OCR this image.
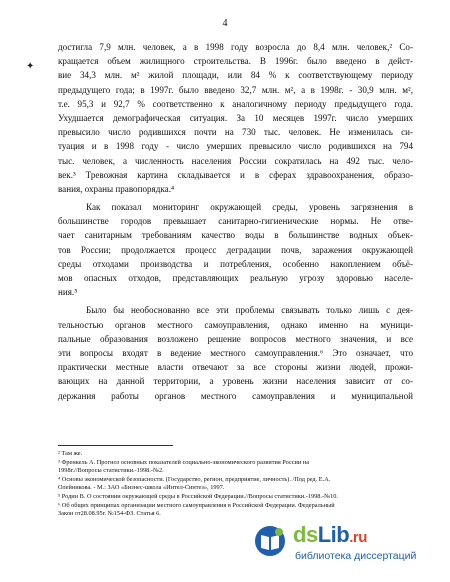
4
✦
достигла 7,9 млн. человек, а в 1998 году возросла до 8,4 млн. человек,² Со-
кращается объем жилищного строительства. В 1996г. было введено в дейст-
вие 34,3 млн. м² жилой площади, или 84 % к соответствующему периоду
предыдущего года; в 1997г. было введено 32,7 млн. м², а в 1998г. - 30,9 млн. м²,
т.е. 95,3 и 92,7 % соответственно к аналогичному периоду предыдущего года.
Ухудшается демографическая ситуация. За 10 месяцев 1997г. число умерших
превысило число родившихся почти на 730 тыс. человек. Не изменилась си-
туация и в 1998 году - число умерших превысило число родившихся на 794
тыс. человек, а численность населения России сократилась на 492 тыс. чело-
век.³ Тревожная картина складывается и в сферах здравоохранения, образо-
вания, охраны правопорядка.⁴
Как показал мониторинг окружающей среды, уровень загрязнения в
большинстве городов превышает санитарно-гигиенические нормы. Не отве-
чает санитарным требованиям качество воды в большинстве водных объек-
тов России; продолжается процесс деградации почв, заражения окружающей
среды отходами производства и потребления, особенно накоплением объё-
мов опасных отходов, представляющих реальную угрозу здоровью населе-
ния.⁵
Было бы необоснованно все эти проблемы связывать только лишь с дея-
тельностью органов местного самоуправления, однако именно на муници-
пальные образования возложено решение вопросов местного значения, и все
эти вопросы входят в ведение местного самоуправления.⁶ Это означает, что
практически местные власти отвечают за все стороны жизни людей, прожи-
вающих на данной территории, а уровень жизни населения зависит от со-
держания работы органов местного самоуправления и муниципальной
² Там же.
³ Френкель А. Прогноз основных показателей социально-экономического развития России на
1998г.//Вопросы статистики.-1998.-№2.
⁴ Основы экономической безопасности. (Государство, регион, предприятие, личность). /Под ред. Е.А.
Олейникова. - М.: ЗАО «Бизнес-школа «Интел-Синтез», 1997.
⁵ Родин В. О состоянии окружающей среды в Российской Федерации.//Вопросы статистики.-1998.-№10.
⁶ Об общих принципах организации местного самоуправления в Российской Федерации. Федеральный
Закон от28.08.95г. №154-ФЗ. Статья 6.
dsLib.ru
библиотека диссертаций
